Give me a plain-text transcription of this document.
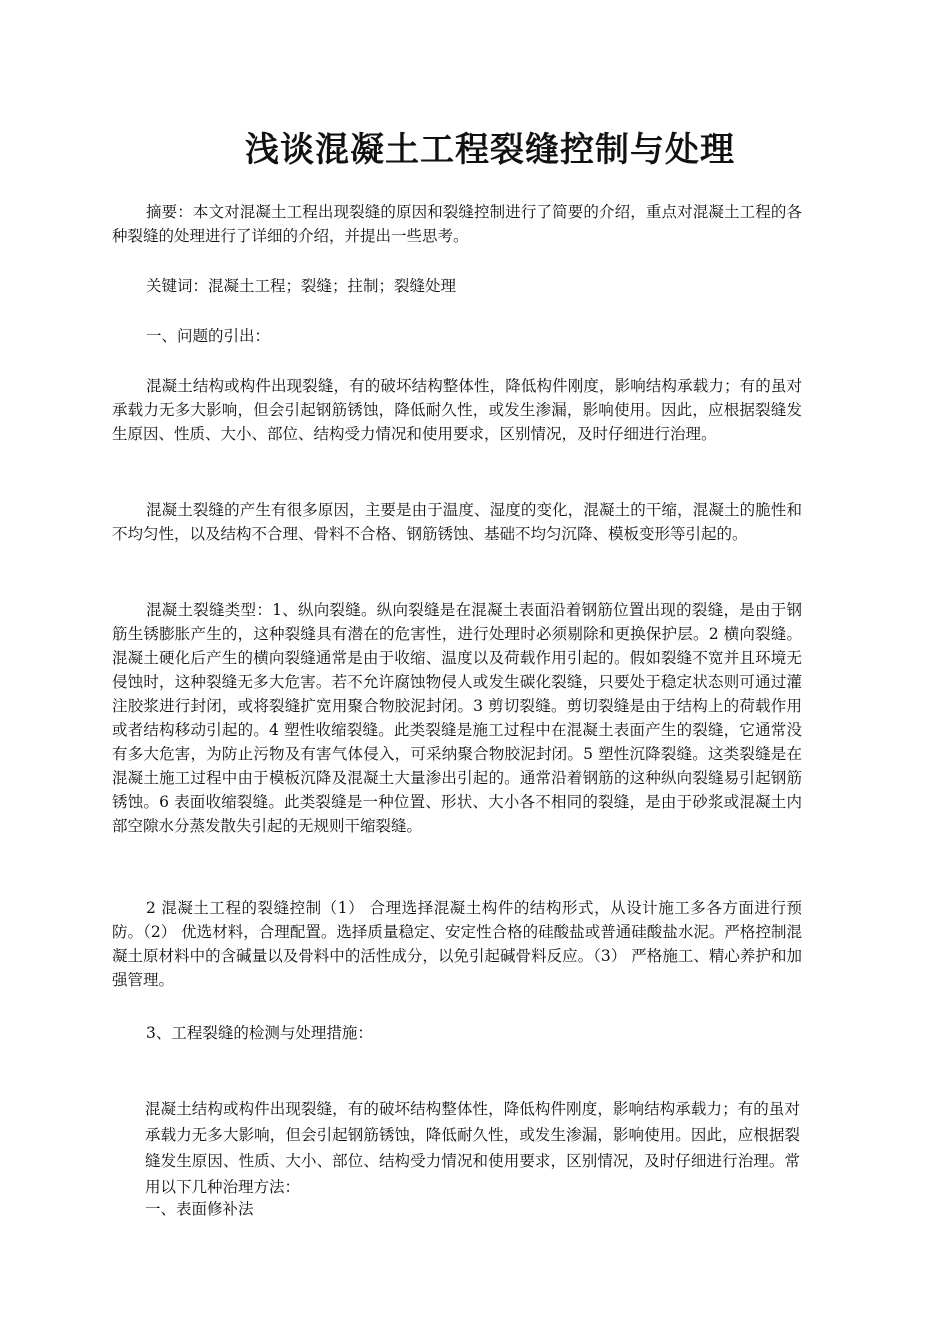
浅谈混凝土工程裂缝控制与处理

摘要：本文对混凝土工程出现裂缝的原因和裂缝控制进行了简要的介绍，重点对混凝土工程的各种裂缝的处理进行了详细的介绍，并提出一些思考。

关键词：混凝土工程；裂缝；拄制；裂缝处理

一、问题的引出：

混凝土结构或构件出现裂缝，有的破坏结构整体性，降低构件刚度，影响结构承载力；有的虽对承载力无多大影响，但会引起钢筋锈蚀，降低耐久性，或发生渗漏，影响使用。因此，应根据裂缝发生原因、性质、大小、部位、结构受力情况和使用要求，区别情况，及时仔细进行治理。

混凝土裂缝的产生有很多原因，主要是由于温度、湿度的变化，混凝土的干缩，混凝土的脆性和不均匀性，以及结构不合理、骨料不合格、钢筋锈蚀、基础不均匀沉降、模板变形等引起的。

混凝土裂缝类型：1、纵向裂缝。纵向裂缝是在混凝土表面沿着钢筋位置出现的裂缝，是由于钢筋生锈膨胀产生的，这种裂缝具有潜在的危害性，进行处理时必须剔除和更换保护层。2 横向裂缝。混凝土硬化后产生的横向裂缝通常是由于收缩、温度以及荷载作用引起的。假如裂缝不宽并且环境无侵蚀时，这种裂缝无多大危害。若不允许腐蚀物侵人或发生碳化裂缝，只要处于稳定状态则可通过灌注胶浆进行封闭，或将裂缝扩宽用聚合物胶泥封闭。3 剪切裂缝。剪切裂缝是由于结构上的荷载作用或者结构移动引起的。4 塑性收缩裂缝。此类裂缝是施工过程中在混凝土表面产生的裂缝，它通常没有多大危害，为防止污物及有害气体侵入，可采纳聚合物胶泥封闭。5 塑性沉降裂缝。这类裂缝是在混凝土施工过程中由于模板沉降及混凝土大量渗出引起的。通常沿着钢筋的这种纵向裂缝易引起钢筋锈蚀。6 表面收缩裂缝。此类裂缝是一种位置、形状、大小各不相同的裂缝，是由于砂浆或混凝土内部空隙水分蒸发散失引起的无规则干缩裂缝。

2 混凝土工程的裂缝控制（1） 合理选择混凝土构件的结构形式，从设计施工多各方面进行预防。（2） 优选材料，合理配置。选择质量稳定、安定性合格的硅酸盐或普通硅酸盐水泥。严格控制混凝土原材料中的含碱量以及骨料中的活性成分，以免引起碱骨料反应。（3） 严格施工、精心养护和加强管理。

3、工程裂缝的检测与处理措施：

混凝土结构或构件出现裂缝，有的破坏结构整体性，降低构件刚度，影响结构承载力；有的虽对承载力无多大影响，但会引起钢筋锈蚀，降低耐久性，或发生渗漏，影响使用。因此，应根据裂缝发生原因、性质、大小、部位、结构受力情况和使用要求，区别情况，及时仔细进行治理。常用以下几种治理方法：

一、表面修补法
